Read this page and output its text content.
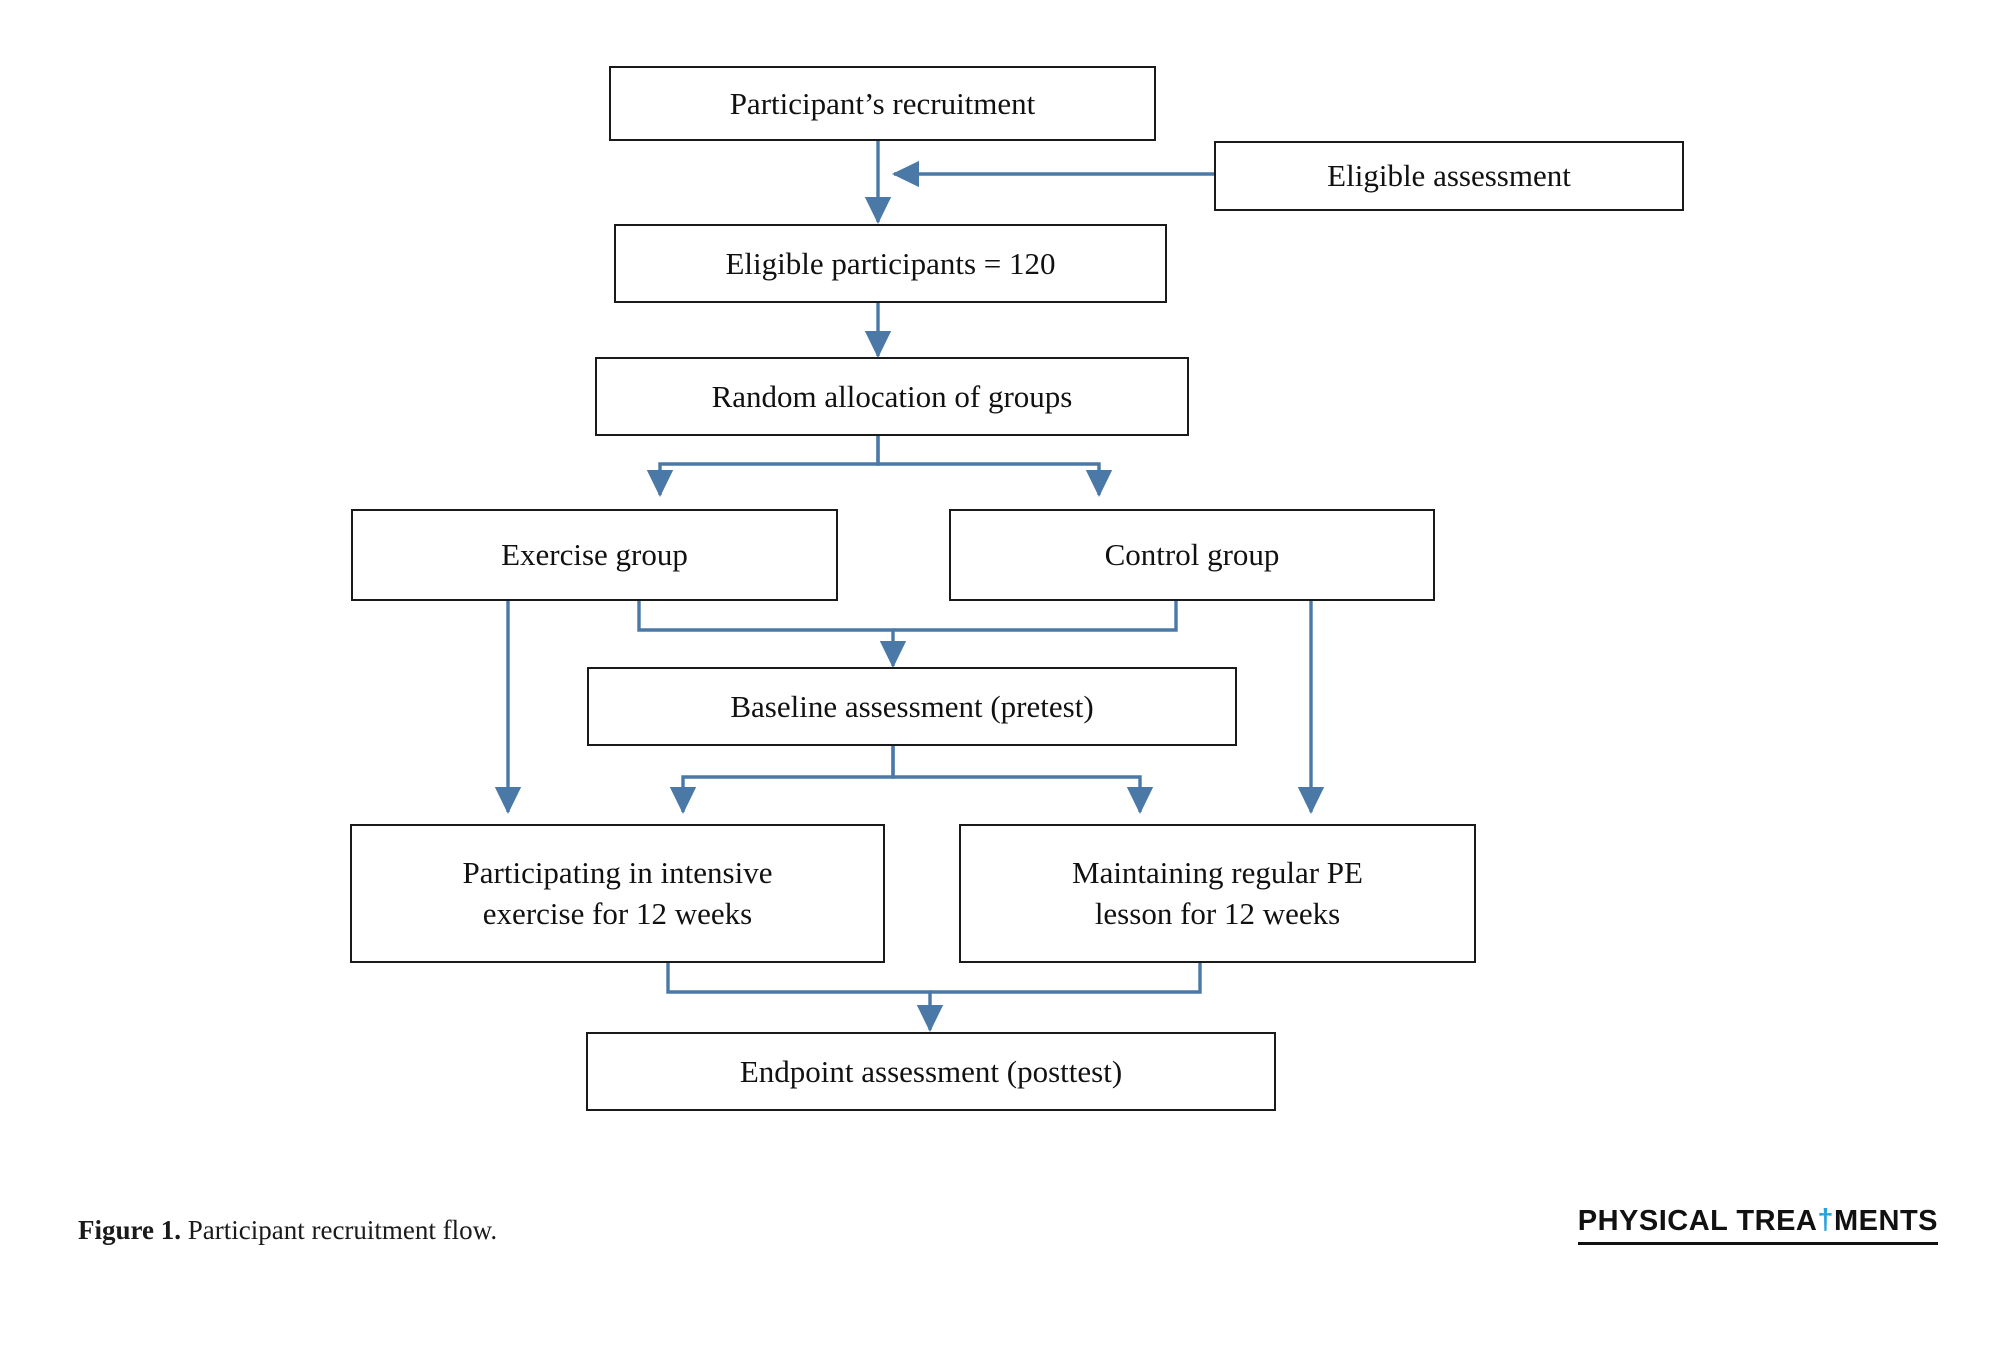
Participant’s recruitment
Eligible assessment
Eligible participants = 120
Random allocation of groups
Exercise group	Control group
Baseline assessment (pretest)
Participating in intensive
exercise for 12 weeks
Maintaining regular PE
lesson for 12 weeks
Endpoint assessment (posttest)
Figure 1. Participant recruitment flow.	PHYSICAL TREA † MENTS
